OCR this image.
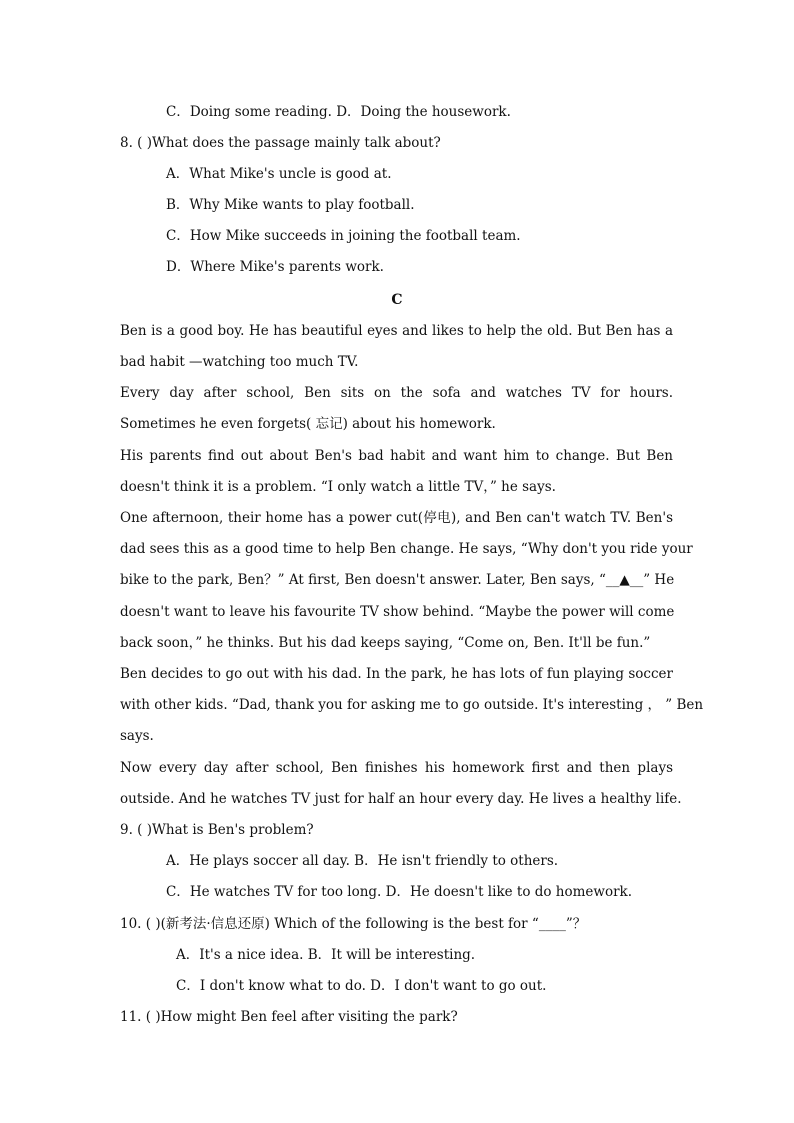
C．Doing some reading. D．Doing the housework.
8. ( )What does the passage mainly talk about?
A．What Mike's uncle is good at.
B．Why Mike wants to play football.
C．How Mike succeeds in joining the football team.
D．Where Mike's parents work.
C
Ben is a good boy. He has beautiful eyes and likes to help the old. But Ben has a
bad habit —watching too much TV.
Every day after school, Ben sits on the sofa and watches TV for hours.
Sometimes he even forgets( 忘记) about his homework.
His parents find out about Ben's bad habit and want him to change. But Ben
doesn't think it is a problem. “I only watch a little TV，” he says.
One afternoon, their home has a power cut(停电), and Ben can't watch TV. Ben's
dad sees this as a good time to help Ben change. He says, “Why don't you ride your
bike to the park, Ben？” At first, Ben doesn't answer. Later, Ben says, “__▲__” He
doesn't want to leave his favourite TV show behind. “Maybe the power will come
back soon，” he thinks. But his dad keeps saying, “Come on, Ben. It'll be fun.”
Ben decides to go out with his dad. In the park, he has lots of fun playing soccer
with other kids. “Dad, thank you for asking me to go outside. It's interesting ， ” Ben
says.
Now every day after school, Ben finishes his homework first and then plays
outside. And he watches TV just for half an hour every day. He lives a healthy life.
9. ( )What is Ben's problem?
A．He plays soccer all day. B．He isn't friendly to others.
C．He watches TV for too long. D．He doesn't like to do homework.
10. ( )(新考法·信息还原) Which of the following is the best for “____”？
A．It's a nice idea. B．It will be interesting.
C．I don't know what to do. D．I don't want to go out.
11. ( )How might Ben feel after visiting the park?
